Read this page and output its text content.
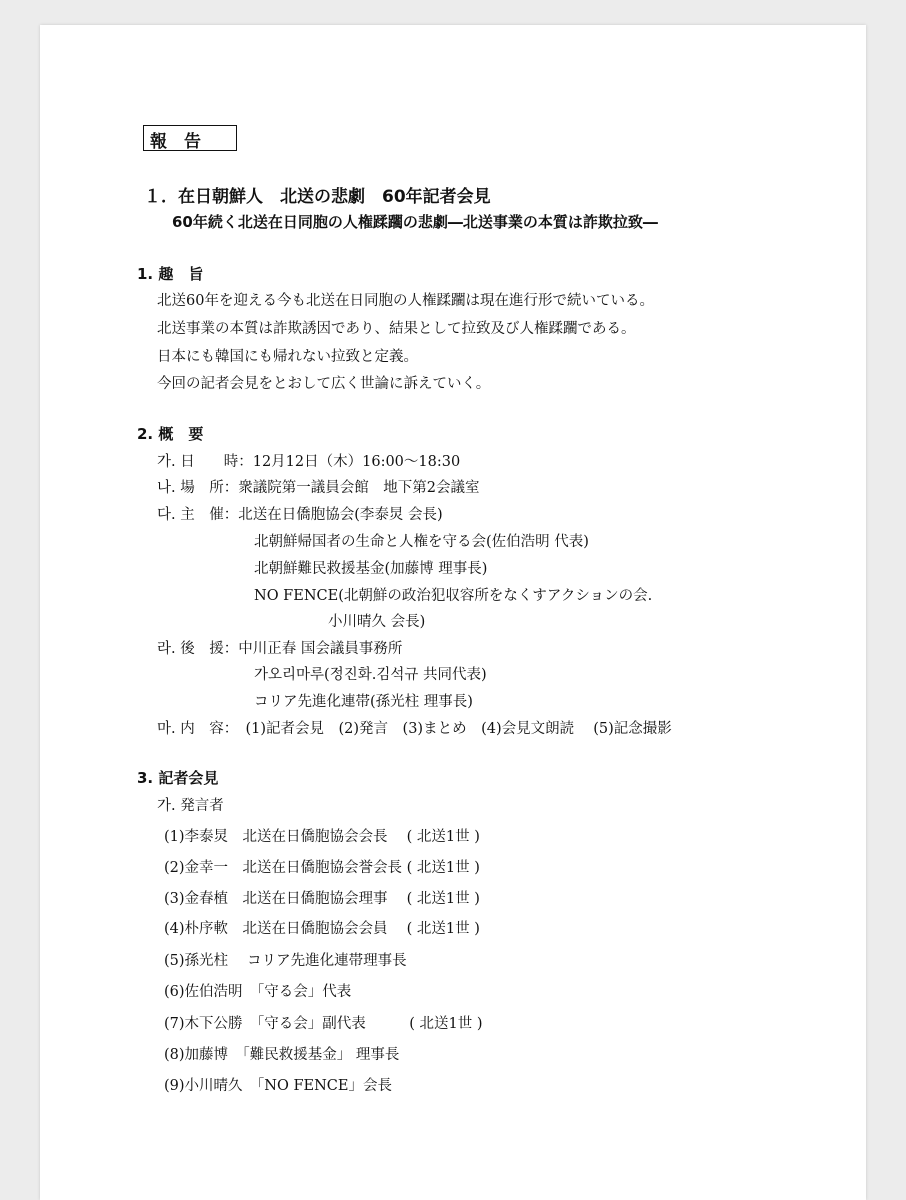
報　告
１．在日朝鮮人　北送の悲劇　60年記者会見
60年続く北送在日同胞の人権蹂躙の悲劇―北送事業の本質は詐欺拉致―
1. 趣　旨
北送60年を迎える今も北送在日同胞の人権蹂躙は現在進行形で続いている。
北送事業の本質は詐欺誘因であり、結果として拉致及び人権蹂躙である。
日本にも韓国にも帰れない拉致と定義。
今回の記者会見をとおして広く世論に訴えていく。
2. 概　要
가. 日　　時：12月12日（木）16:00～18:30
나. 場　所：衆議院第一議員会館　地下第2会議室
다. 主　催：北送在日僑胞協会(李泰炅 会長)
北朝鮮帰国者の生命と人権を守る会(佐伯浩明 代表)
北朝鮮難民救援基金(加藤博 理事長)
NO FENCE(北朝鮮の政治犯収容所をなくすアクションの会.
小川晴久 会長)
라. 後　援：中川正春 国会議員事務所
가오리마루(정진화.김석규 共同代表)
コリア先進化連帯(孫光柱 理事長)
마. 内　容：　(1)記者会見　(2)発言　(3)まとめ　(4)会見文朗読　 (5)記念撮影
3. 記者会見
가. 発言者
(1)李泰炅　北送在日僑胞協会会長　 ( 北送1世 )
(2)金幸一　北送在日僑胞協会誉会長 ( 北送1世 )
(3)金春植　北送在日僑胞協会理事　 ( 北送1世 )
(4)朴序軟　北送在日僑胞協会会員　 ( 北送1世 )
(5)孫光柱　 コリア先進化連帯理事長
(6)佐伯浩明　「守る会」代表
(7)木下公勝　「守る会」副代表　　　( 北送1世 )
(8)加藤博　「難民救援基金」 理事長
(9)小川晴久　「NO FENCE」会長
